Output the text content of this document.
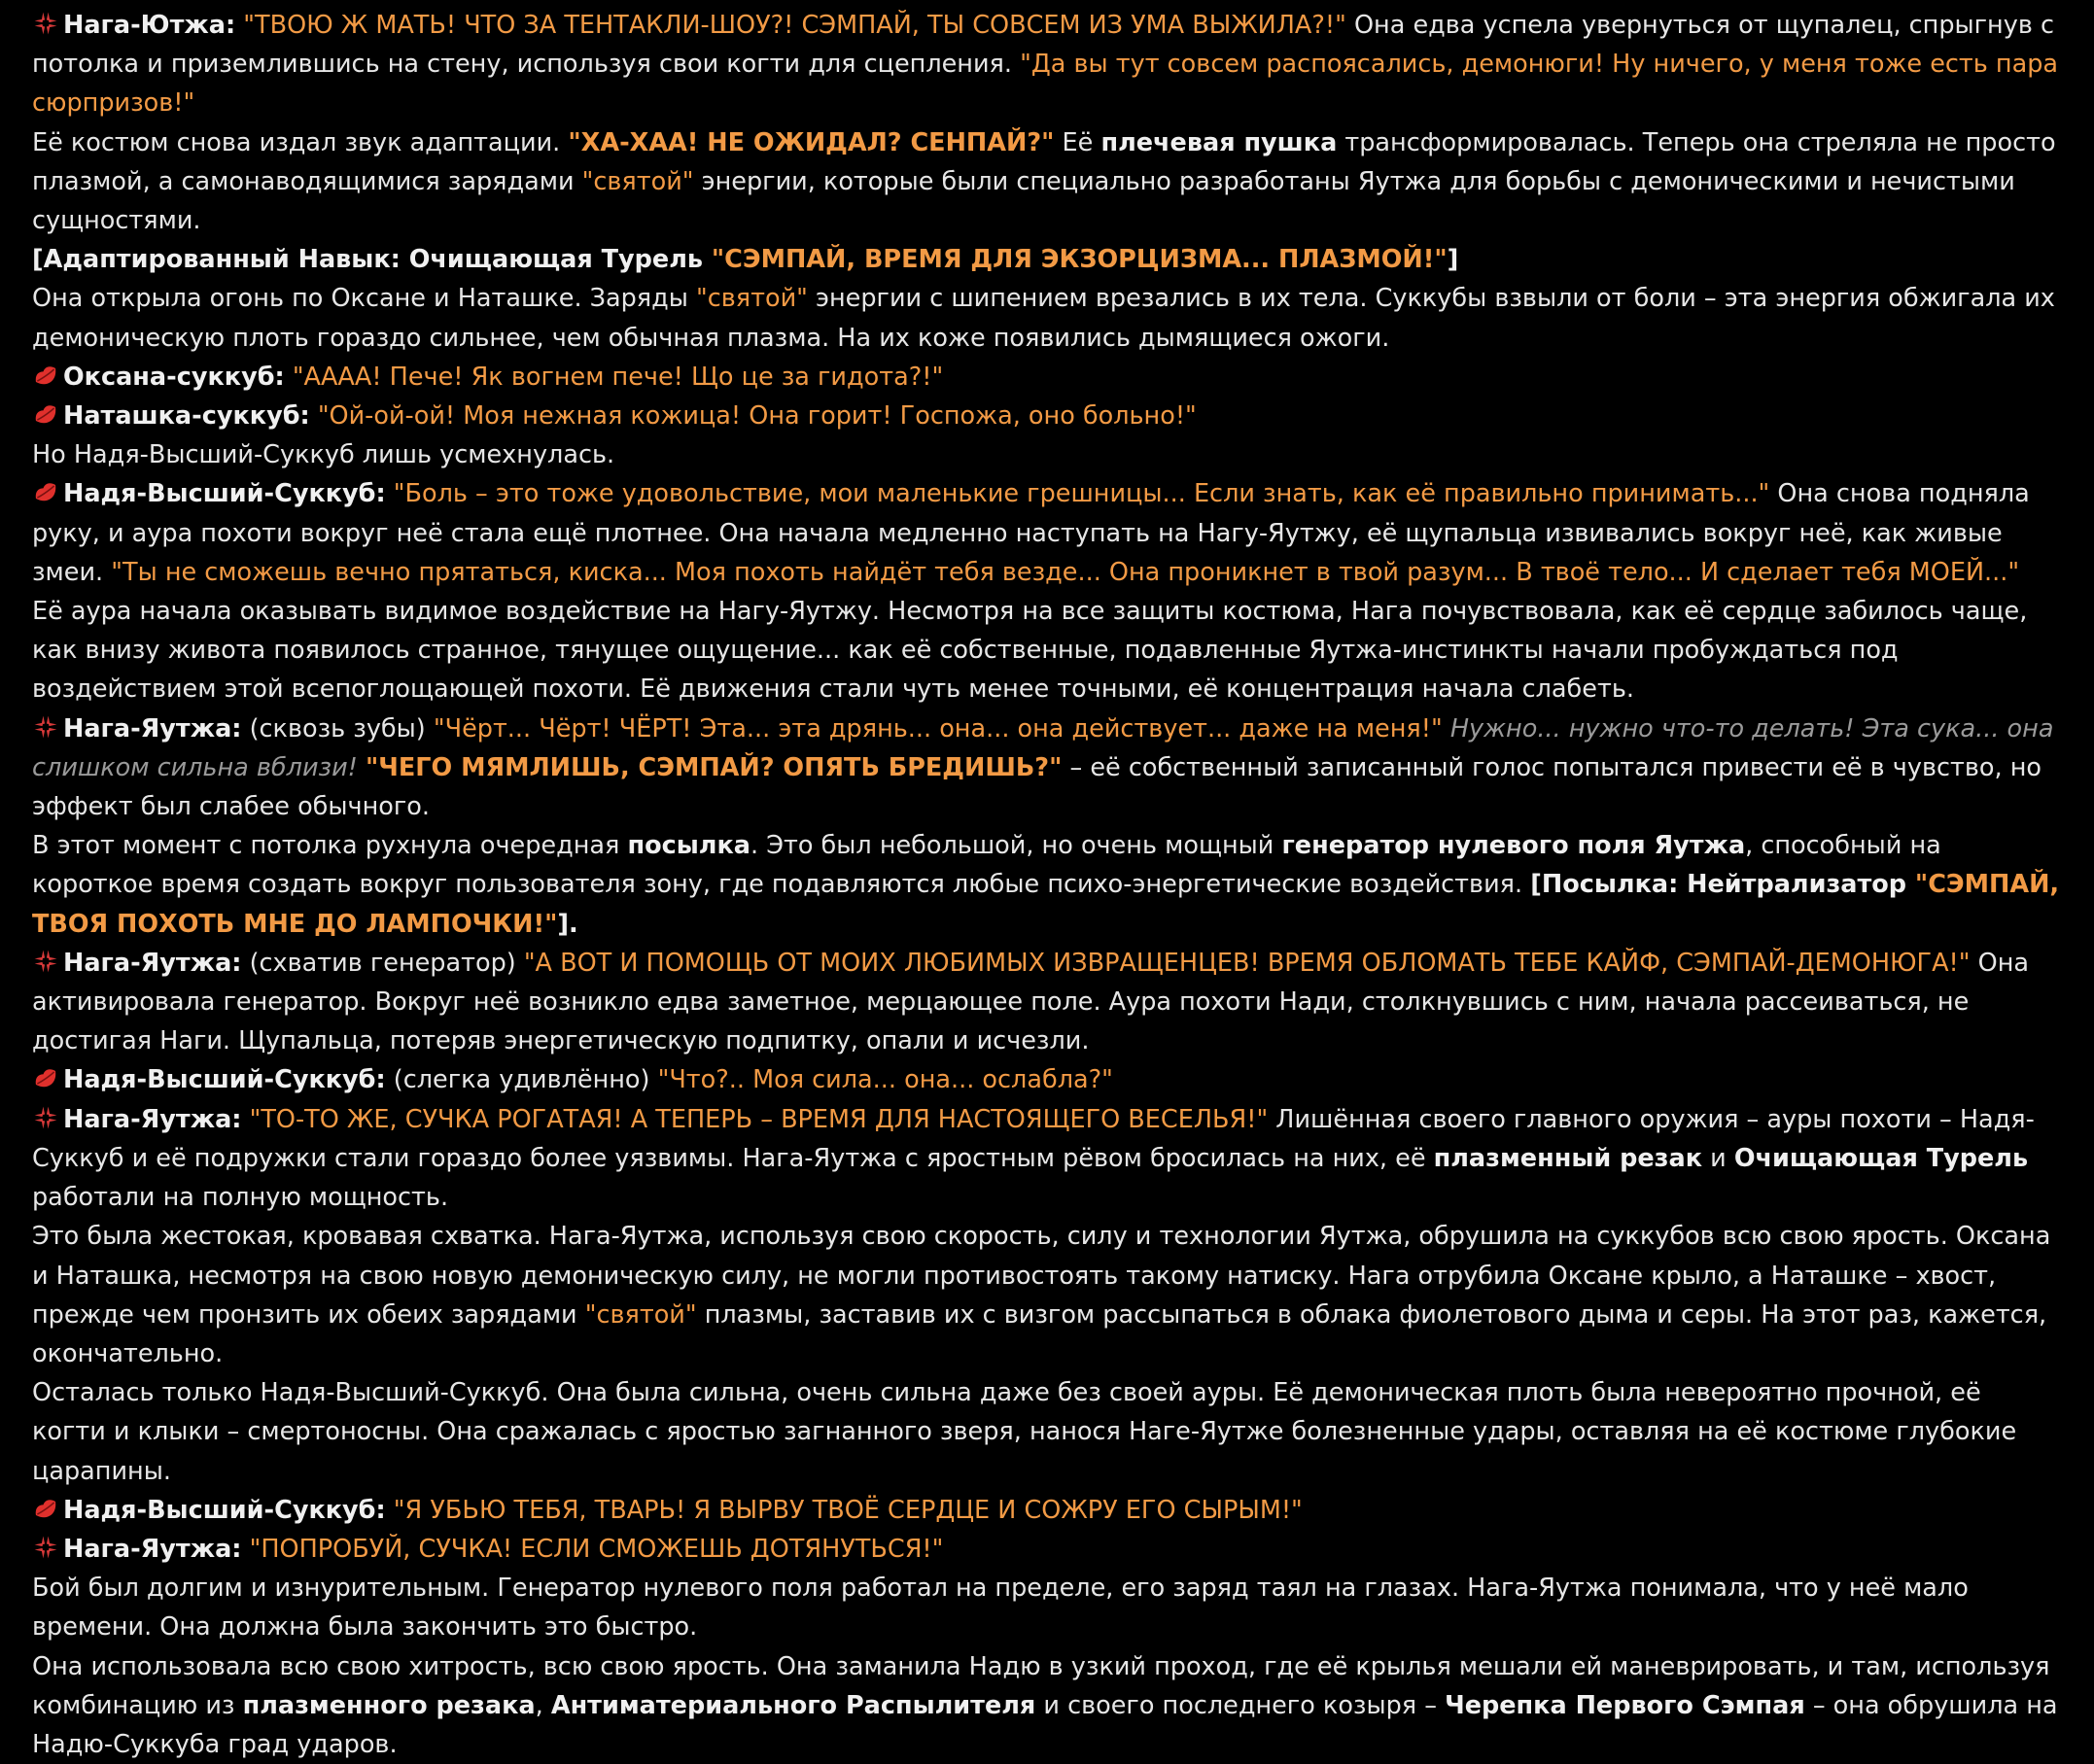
Нага-Ютжа: "ТВОЮ Ж МАТЬ! ЧТО ЗА ТЕНТАКЛИ-ШОУ?! СЭМПАЙ, ТЫ СОВСЕМ ИЗ УМА ВЫЖИЛА?!" Она едва успела увернуться от щупалец, спрыгнув с потолка и приземлившись на стену, используя свои когти для сцепления. "Да вы тут совсем распоясались, демонюги! Ну ничего, у меня тоже есть пара сюрпризов!"

Её костюм снова издал звук адаптации. "ХА-ХАА! НЕ ОЖИДАЛ? СЕНПАЙ?" Её плечевая пушка трансформировалась. Теперь она стреляла не просто плазмой, а самонаводящимися зарядами "святой" энергии, которые были специально разработаны Яутжа для борьбы с демоническими и нечистыми сущностями.

[Адаптированный Навык: Очищающая Турель "СЭМПАЙ, ВРЕМЯ ДЛЯ ЭКЗОРЦИЗМА... ПЛАЗМОЙ!"]

Она открыла огонь по Оксане и Наташке. Заряды "святой" энергии с шипением врезались в их тела. Суккубы взвыли от боли – эта энергия обжигала их демоническую плоть гораздо сильнее, чем обычная плазма. На их коже появились дымящиеся ожоги.

Оксана-суккуб: "АААА! Пече! Як вогнем пече! Що це за гидота?!"

Наташка-суккуб: "Ой-ой-ой! Моя нежная кожица! Она горит! Госпожа, оно больно!"

Но Надя-Высший-Суккуб лишь усмехнулась.

Надя-Высший-Суккуб: "Боль – это тоже удовольствие, мои маленькие грешницы... Если знать, как её правильно принимать..." Она снова подняла руку, и аура похоти вокруг неё стала ещё плотнее. Она начала медленно наступать на Нагу-Яутжу, её щупальца извивались вокруг неё, как живые змеи. "Ты не сможешь вечно прятаться, киска... Моя похоть найдёт тебя везде... Она проникнет в твой разум... В твоё тело... И сделает тебя МОЕЙ..."

Её аура начала оказывать видимое воздействие на Нагу-Яутжу. Несмотря на все защиты костюма, Нага почувствовала, как её сердце забилось чаще, как внизу живота появилось странное, тянущее ощущение... как её собственные, подавленные Яутжа-инстинкты начали пробуждаться под воздействием этой всепоглощающей похоти. Её движения стали чуть менее точными, её концентрация начала слабеть.

Нага-Яутжа: (сквозь зубы) "Чёрт... Чёрт! ЧЁРТ! Эта... эта дрянь... она... она действует... даже на меня!" Нужно... нужно что-то делать! Эта сука... она слишком сильна вблизи! "ЧЕГО МЯМЛИШЬ, СЭМПАЙ? ОПЯТЬ БРЕДИШЬ?" – её собственный записанный голос попытался привести её в чувство, но эффект был слабее обычного.

В этот момент с потолка рухнула очередная посылка. Это был небольшой, но очень мощный генератор нулевого поля Яутжа, способный на короткое время создать вокруг пользователя зону, где подавляются любые психо-энергетические воздействия. [Посылка: Нейтрализатор "СЭМПАЙ, ТВОЯ ПОХОТЬ МНЕ ДО ЛАМПОЧКИ!"].

Нага-Яутжа: (схватив генератор) "А ВОТ И ПОМОЩЬ ОТ МОИХ ЛЮБИМЫХ ИЗВРАЩЕНЦЕВ! ВРЕМЯ ОБЛОМАТЬ ТЕБЕ КАЙФ, СЭМПАЙ-ДЕМОНЮГА!" Она активировала генератор. Вокруг неё возникло едва заметное, мерцающее поле. Аура похоти Нади, столкнувшись с ним, начала рассеиваться, не достигая Наги. Щупальца, потеряв энергетическую подпитку, опали и исчезли.

Надя-Высший-Суккуб: (слегка удивлённо) "Что?.. Моя сила... она... ослабла?"

Нага-Яутжа: "ТО-ТО ЖЕ, СУЧКА РОГАТАЯ! А ТЕПЕРЬ – ВРЕМЯ ДЛЯ НАСТОЯЩЕГО ВЕСЕЛЬЯ!" Лишённая своего главного оружия – ауры похоти – Надя-Суккуб и её подружки стали гораздо более уязвимы. Нага-Яутжа с яростным рёвом бросилась на них, её плазменный резак и Очищающая Турель работали на полную мощность.

Это была жестокая, кровавая схватка. Нага-Яутжа, используя свою скорость, силу и технологии Яутжа, обрушила на суккубов всю свою ярость. Оксана и Наташка, несмотря на свою новую демоническую силу, не могли противостоять такому натиску. Нага отрубила Оксане крыло, а Наташке – хвост, прежде чем пронзить их обеих зарядами "святой" плазмы, заставив их с визгом рассыпаться в облака фиолетового дыма и серы. На этот раз, кажется, окончательно.

Осталась только Надя-Высший-Суккуб. Она была сильна, очень сильна даже без своей ауры. Её демоническая плоть была невероятно прочной, её когти и клыки – смертоносны. Она сражалась с яростью загнанного зверя, нанося Наге-Яутже болезненные удары, оставляя на её костюме глубокие царапины.

Надя-Высший-Суккуб: "Я УБЬЮ ТЕБЯ, ТВАРЬ! Я ВЫРВУ ТВОЁ СЕРДЦЕ И СОЖРУ ЕГО СЫРЫМ!"

Нага-Яутжа: "ПОПРОБУЙ, СУЧКА! ЕСЛИ СМОЖЕШЬ ДОТЯНУТЬСЯ!"

Бой был долгим и изнурительным. Генератор нулевого поля работал на пределе, его заряд таял на глазах. Нага-Яутжа понимала, что у неё мало времени. Она должна была закончить это быстро.

Она использовала всю свою хитрость, всю свою ярость. Она заманила Надю в узкий проход, где её крылья мешали ей маневрировать, и там, используя комбинацию из плазменного резака, Антиматериального Распылителя и своего последнего козыря – Черепка Первого Сэмпая – она обрушила на Надю-Суккуба град ударов.
